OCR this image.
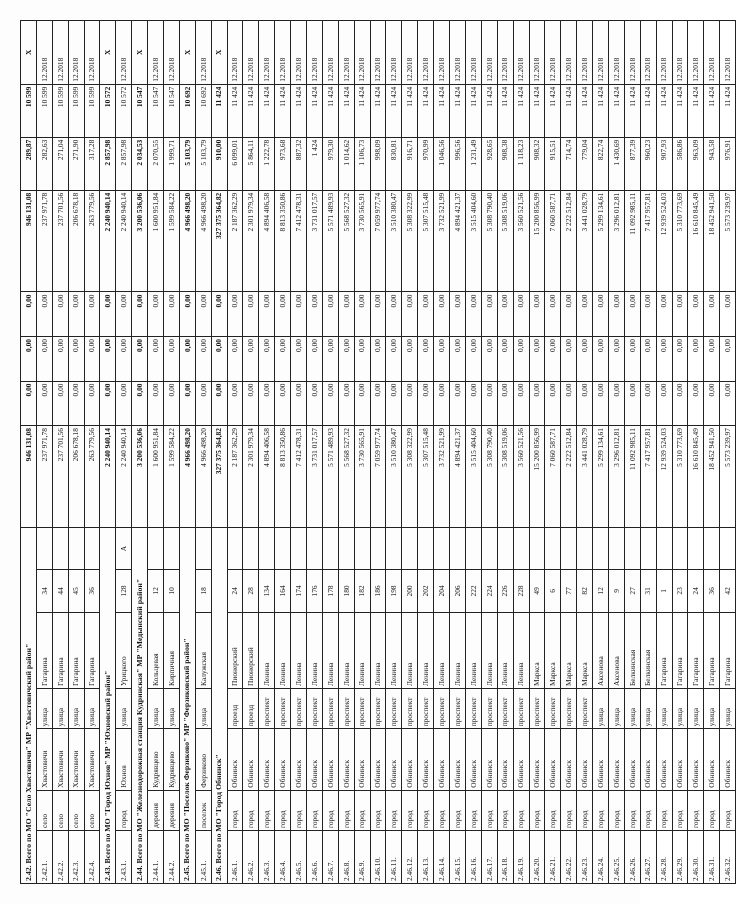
2.42. Всего по МО "Село Хвастовичи" МР "Хвастовичский район"							946 131,08	0,00	0,00	0,00	946 131,08	289,87	10 599	X
2.42.1.	село	Хвастовичи	улица	Гагарина	34		237 971,78	0,00	0,00	0,00	237 971,78	282,63	10 599	12.2018
2.42.2.	село	Хвастовичи	улица	Гагарина	44		237 701,56	0,00	0,00	0,00	237 701,56	271,04	10 599	12.2018
2.42.3.	село	Хвастовичи	улица	Гагарина	45		206 678,18	0,00	0,00	0,00	206 678,18	271,90	10 599	12.2018
2.42.4.	село	Хвастовичи	улица	Гагарина	36		263 779,56	0,00	0,00	0,00	263 779,56	317,28	10 599	12.2018
2.43. Всего по МО "Город Юхнов" МР "Юхновский район"							2 240 940,14	0,00	0,00	0,00	2 240 940,14	2 857,98	10 572	X
2.43.1.	город	Юхнов	улица	Урицкого	128	А	2 240 940,14	0,00	0,00	0,00	2 240 940,14	2 857,98	10 572	12.2018
2.44. Всего по МО "Железнодорожная станция Кудринская" МР "Медынский район"							3 200 536,06	0,00	0,00	0,00	3 200 536,06	2 034,53	10 547	X
2.44.1.	деревня	Кудрявцево	улица	Кольцевая	12		1 600 951,84	0,00	0,00	0,00	1 600 951,84	2 070,55	10 547	12.2018
2.44.2.	деревня	Кудрявцево	улица	Кирпичная	10		1 599 584,22	0,00	0,00	0,00	1 599 584,22	1 999,71	10 547	12.2018
2.45. Всего по МО "Поселок Ферзиково" МР "Ферзиковский район"							4 966 498,20	0,00	0,00	0,00	4 966 498,20	5 103,79	10 692	X
2.45.1.	поселок	Ферзиково	улица	Калужская	18		4 966 498,20	0,00	0,00	0,00	4 966 498,20	5 103,79	10 692	12.2018
2.46. Всего по МО "Город Обнинск"							327 375 364,82	0,00	0,00	0,00	327 375 364,82	910,00	11 424	X
2.46.1.	город	Обнинск	проезд	Пионерский	24		2 187 362,29	0,00	0,00	0,00	2 187 362,29	6 099,01	11 424	12.2018
2.46.2.	город	Обнинск	проезд	Пионерский	28		2 301 979,34	0,00	0,00	0,00	2 301 979,34	5 864,11	11 424	12.2018
2.46.3.	город	Обнинск	проспект	Ленина	134		4 894 406,58	0,00	0,00	0,00	4 894 406,58	1 222,78	11 424	12.2018
2.46.4.	город	Обнинск	проспект	Ленина	164		8 813 350,86	0,00	0,00	0,00	8 813 350,86	973,68	11 424	12.2018
2.46.5.	город	Обнинск	проспект	Ленина	174		7 412 478,31	0,00	0,00	0,00	7 412 478,31	887,32	11 424	12.2018
2.46.6.	город	Обнинск	проспект	Ленина	176		3 731 017,57	0,00	0,00	0,00	3 731 017,57	1 424	11 424	12.2018
2.46.7.	город	Обнинск	проспект	Ленина	178		5 571 489,93	0,00	0,00	0,00	5 571 489,93	979,30	11 424	12.2018
2.46.8.	город	Обнинск	проспект	Ленина	180		5 568 527,32	0,00	0,00	0,00	5 568 527,32	1 014,62	11 424	12.2018
2.46.9.	город	Обнинск	проспект	Ленина	182		3 730 565,91	0,00	0,00	0,00	3 730 565,91	1 106,73	11 424	12.2018
2.46.10.	город	Обнинск	проспект	Ленина	186		7 059 977,74	0,00	0,00	0,00	7 059 977,74	998,09	11 424	12.2018
2.46.11.	город	Обнинск	проспект	Ленина	198		3 510 380,47	0,00	0,00	0,00	3 510 380,47	830,81	11 424	12.2018
2.46.12.	город	Обнинск	проспект	Ленина	200		5 308 322,99	0,00	0,00	0,00	5 308 322,99	916,71	11 424	12.2018
2.46.13.	город	Обнинск	проспект	Ленина	202		5 307 515,48	0,00	0,00	0,00	5 307 515,48	970,99	11 424	12.2018
2.46.14.	город	Обнинск	проспект	Ленина	204		3 732 521,99	0,00	0,00	0,00	3 732 521,99	1 046,56	11 424	12.2018
2.46.15.	город	Обнинск	проспект	Ленина	206		4 894 421,37	0,00	0,00	0,00	4 894 421,37	996,56	11 424	12.2018
2.46.16.	город	Обнинск	проспект	Ленина	222		3 515 404,60	0,00	0,00	0,00	3 515 404,60	1 231,49	11 424	12.2018
2.46.17.	город	Обнинск	проспект	Ленина	224		5 308 790,40	0,00	0,00	0,00	5 308 790,40	928,65	11 424	12.2018
2.46.18.	город	Обнинск	проспект	Ленина	226		5 308 519,06	0,00	0,00	0,00	5 308 519,06	908,38	11 424	12.2018
2.46.19.	город	Обнинск	проспект	Ленина	228		3 560 521,56	0,00	0,00	0,00	3 560 521,56	1 118,23	11 424	12.2018
2.46.20.	город	Обнинск	проспект	Маркса	49		15 200 856,99	0,00	0,00	0,00	15 200 856,99	908,32	11 424	12.2018
2.46.21.	город	Обнинск	проспект	Маркса	6		7 060 587,71	0,00	0,00	0,00	7 060 587,71	915,51	11 424	12.2018
2.46.22.	город	Обнинск	проспект	Маркса	77		2 222 512,84	0,00	0,00	0,00	2 222 512,84	714,74	11 424	12.2018
2.46.23.	город	Обнинск	проспект	Маркса	82		3 441 028,79	0,00	0,00	0,00	3 441 028,79	779,04	11 424	12.2018
2.46.24.	город	Обнинск	улица	Аксенова	12		5 299 134,61	0,00	0,00	0,00	5 299 134,61	822,74	11 424	12.2018
2.46.25.	город	Обнинск	улица	Аксенова	9		3 296 012,81	0,00	0,00	0,00	3 296 012,81	1 430,69	11 424	12.2018
2.46.26.	город	Обнинск	улица	Белкинская	27		11 092 985,11	0,00	0,00	0,00	11 092 985,11	877,39	11 424	12.2018
2.46.27.	город	Обнинск	улица	Белкинская	31		7 417 957,81	0,00	0,00	0,00	7 417 957,81	960,23	11 424	12.2018
2.46.28.	город	Обнинск	улица	Гагарина	1		12 939 524,03	0,00	0,00	0,00	12 939 524,03	907,93	11 424	12.2018
2.46.29.	город	Обнинск	улица	Гагарина	23		5 310 773,69	0,00	0,00	0,00	5 310 773,69	586,86	11 424	12.2018
2.46.30.	город	Обнинск	улица	Гагарина	24		16 610 845,49	0,00	0,00	0,00	16 610 845,49	963,09	11 424	12.2018
2.46.31.	город	Обнинск	улица	Гагарина	36		18 452 941,50	0,00	0,00	0,00	18 452 941,50	943,58	11 424	12.2018
2.46.32.	город	Обнинск	улица	Гагарина	42		5 573 239,97	0,00	0,00	0,00	5 573 239,97	976,91	11 424	12.2018
